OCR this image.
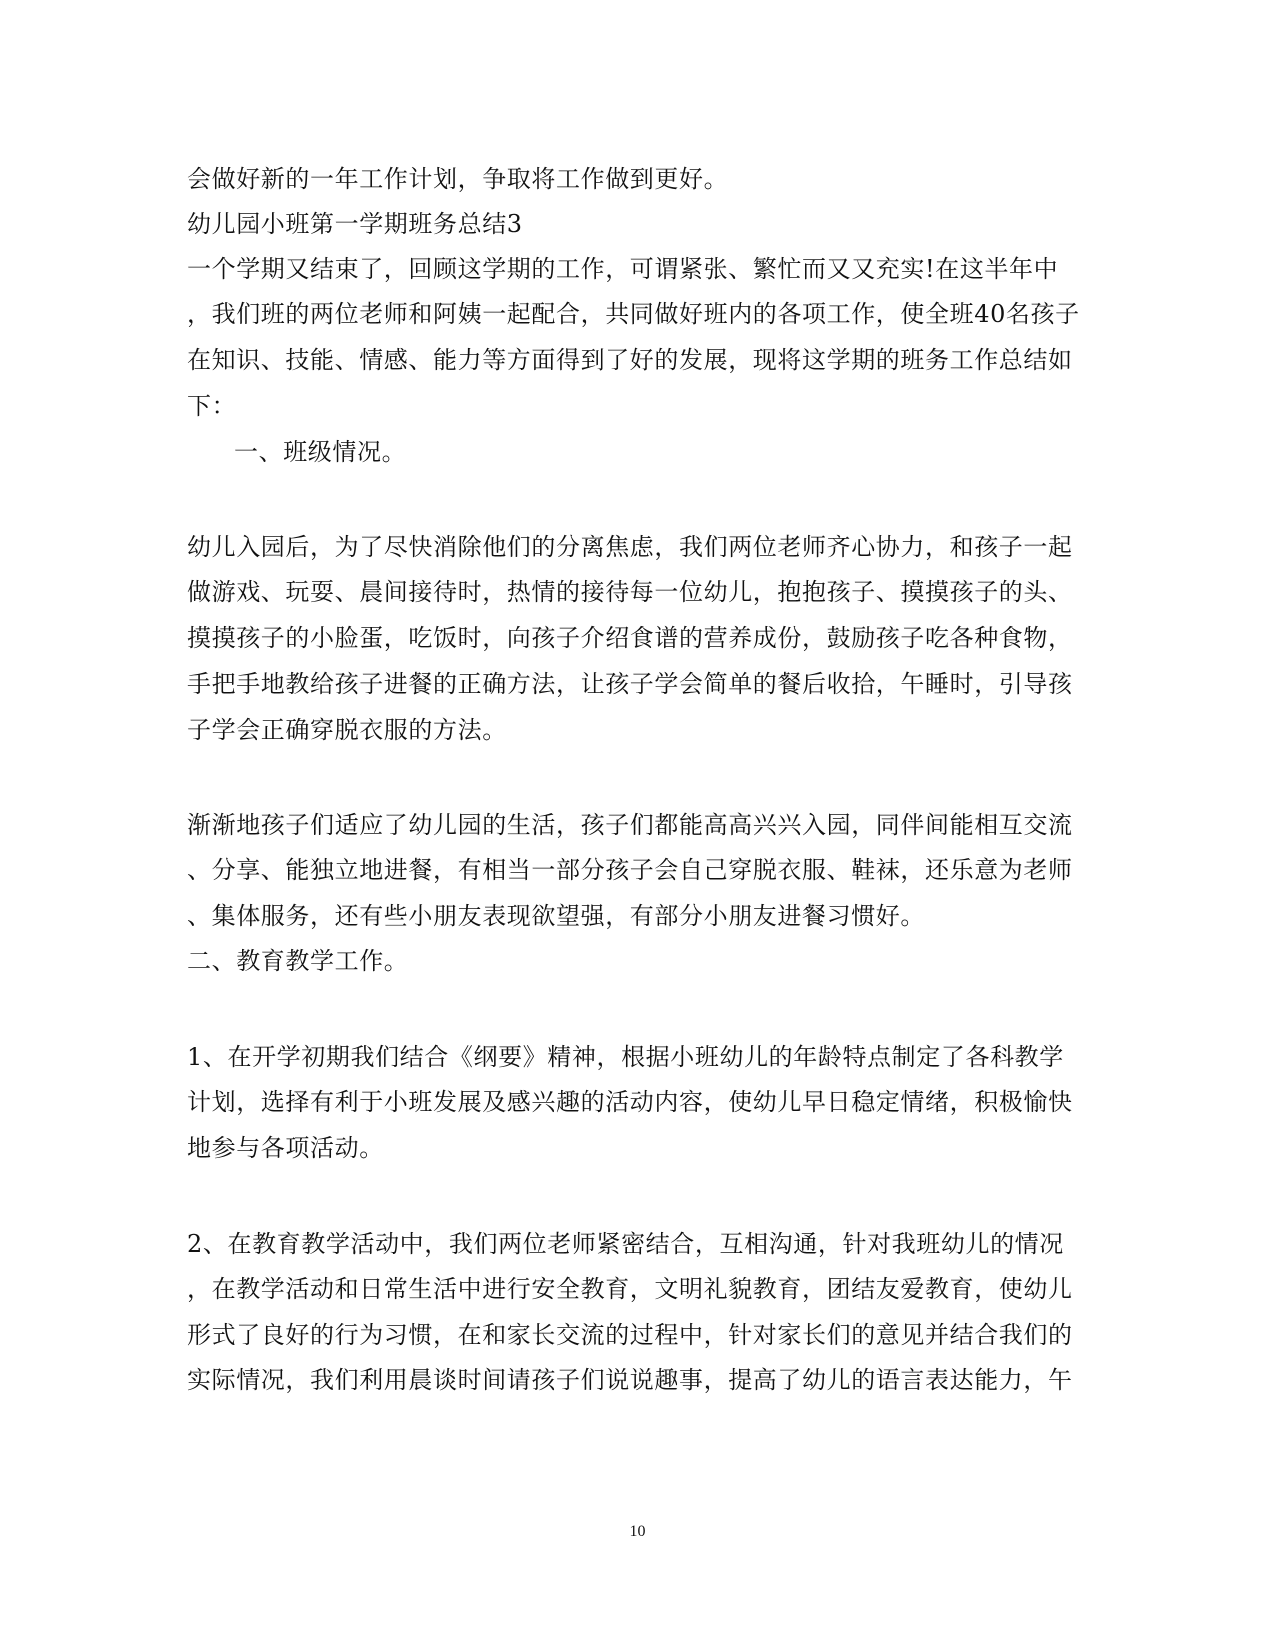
会做好新的一年工作计划，争取将工作做到更好。
幼儿园小班第一学期班务总结3
一个学期又结束了，回顾这学期的工作，可谓紧张、繁忙而又又充实!在这半年中
，我们班的两位老师和阿姨一起配合，共同做好班内的各项工作，使全班40名孩子
在知识、技能、情感、能力等方面得到了好的发展，现将这学期的班务工作总结如
下：
一、班级情况。
幼儿入园后，为了尽快消除他们的分离焦虑，我们两位老师齐心协力，和孩子一起
做游戏、玩耍、晨间接待时，热情的接待每一位幼儿，抱抱孩子、摸摸孩子的头、
摸摸孩子的小脸蛋，吃饭时，向孩子介绍食谱的营养成份，鼓励孩子吃各种食物，
手把手地教给孩子进餐的正确方法，让孩子学会简单的餐后收拾，午睡时，引导孩
子学会正确穿脱衣服的方法。
渐渐地孩子们适应了幼儿园的生活，孩子们都能高高兴兴入园，同伴间能相互交流
、分享、能独立地进餐，有相当一部分孩子会自己穿脱衣服、鞋袜，还乐意为老师
、集体服务，还有些小朋友表现欲望强，有部分小朋友进餐习惯好。
二、教育教学工作。
1、在开学初期我们结合《纲要》精神，根据小班幼儿的年龄特点制定了各科教学
计划，选择有利于小班发展及感兴趣的活动内容，使幼儿早日稳定情绪，积极愉快
地参与各项活动。
2、在教育教学活动中，我们两位老师紧密结合，互相沟通，针对我班幼儿的情况
，在教学活动和日常生活中进行安全教育，文明礼貌教育，团结友爱教育，使幼儿
形式了良好的行为习惯，在和家长交流的过程中，针对家长们的意见并结合我们的
实际情况，我们利用晨谈时间请孩子们说说趣事，提高了幼儿的语言表达能力，午
10
